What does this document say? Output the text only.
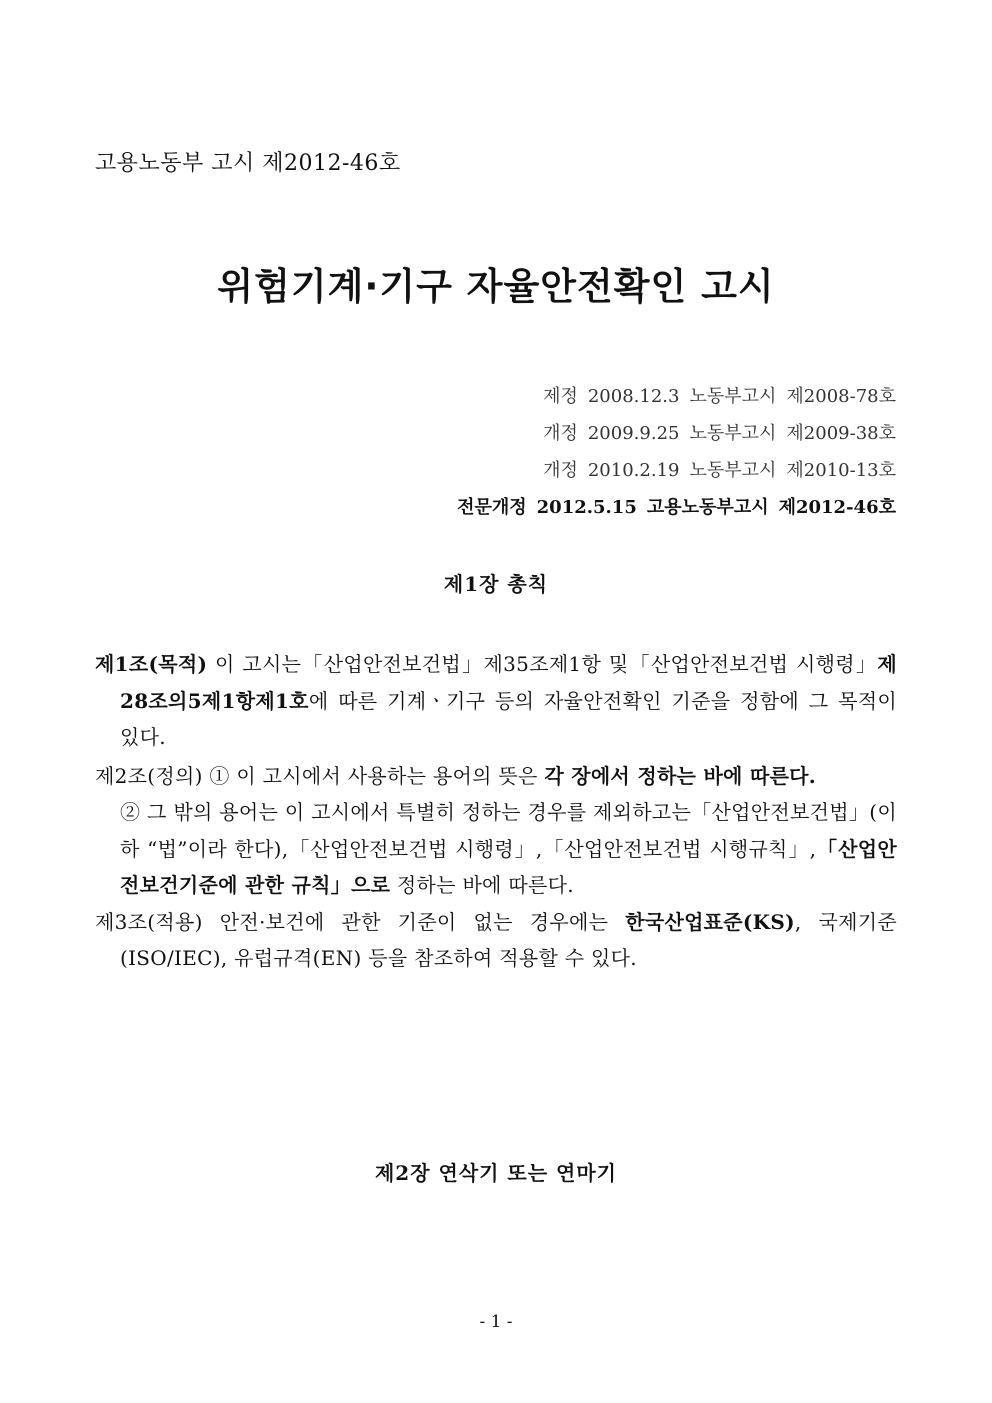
고용노동부 고시 제2012-46호
위험기계·기구 자율안전확인 고시
제정 2008.12.3 노동부고시 제2008-78호
개정 2009.9.25 노동부고시 제2009-38호
개정 2010.2.19 노동부고시 제2010-13호
전문개정 2012.5.15 고용노동부고시 제2012-46호
제1장 총칙

제1조(목적) 이 고시는「산업안전보건법」제35조제1항 및「산업안전보건법 시행령」제28조의5제1항제1호에 따른 기계ㆍ기구 등의 자율안전확인 기준을 정함에 그 목적이 있다.

제2조(정의) ① 이 고시에서 사용하는 용어의 뜻은 각 장에서 정하는 바에 따른다.

② 그 밖의 용어는 이 고시에서 특별히 정하는 경우를 제외하고는「산업안전보건법」(이하 “법”이라 한다),「산업안전보건법 시행령」,「산업안전보건법 시행규칙」,「산업안전보건기준에 관한 규칙」으로 정하는 바에 따른다.

제3조(적용) 안전·보건에 관한 기준이 없는 경우에는 한국산업표준(KS), 국제기준(ISO/IEC), 유럽규격(EN) 등을 참조하여 적용할 수 있다.

제2장 연삭기 또는 연마기
- 1 -
